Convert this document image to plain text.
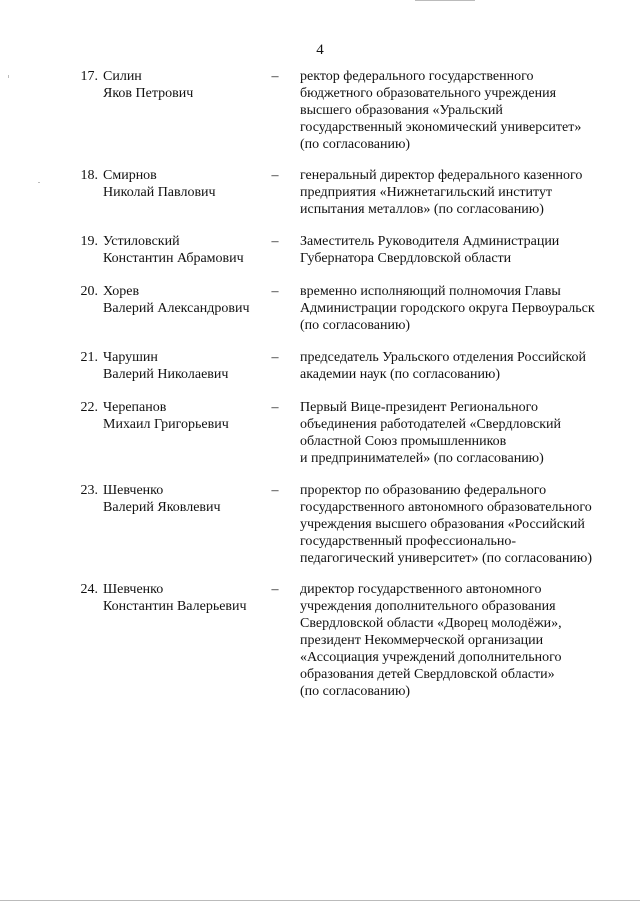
4
17. Силин
Яков Петрович
– ректор федерального государственного
бюджетного образовательного учреждения
высшего образования «Уральский
государственный экономический университет»
(по согласованию)
18. Смирнов
Николай Павлович
– генеральный директор федерального казенного
предприятия «Нижнетагильский институт
испытания металлов» (по согласованию)
19. Устиловский
Константин Абрамович
– Заместитель Руководителя Администрации
Губернатора Свердловской области
20. Хорев
Валерий Александрович
– временно исполняющий полномочия Главы
Администрации городского округа Первоуральск
(по согласованию)
21. Чарушин
Валерий Николаевич
– председатель Уральского отделения Российской
академии наук (по согласованию)
22. Черепанов
Михаил Григорьевич
– Первый Вице-президент Регионального
объединения работодателей «Свердловский
областной Союз промышленников
и предпринимателей» (по согласованию)
23. Шевченко
Валерий Яковлевич
– проректор по образованию федерального
государственного автономного образовательного
учреждения высшего образования «Российский
государственный профессионально-
педагогический университет» (по согласованию)
24. Шевченко
Константин Валерьевич
– директор государственного автономного
учреждения дополнительного образования
Свердловской области «Дворец молодёжи»,
президент Некоммерческой организации
«Ассоциация учреждений дополнительного
образования детей Свердловской области»
(по согласованию)
